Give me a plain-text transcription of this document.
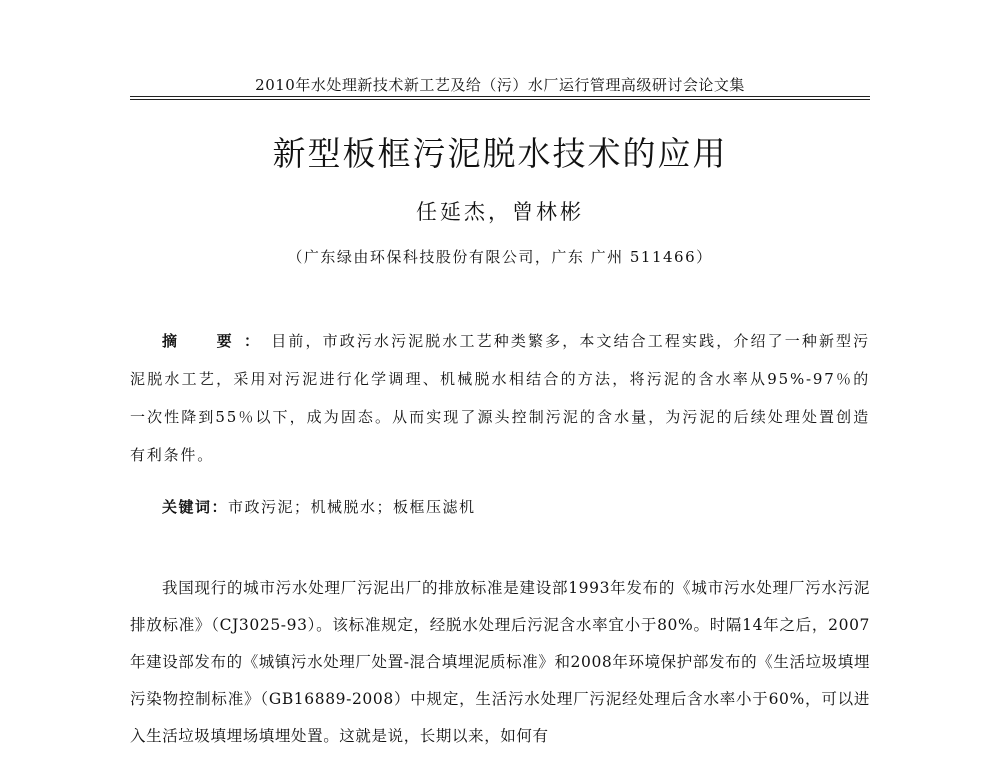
2010年水处理新技术新工艺及给（污）水厂运行管理高级研讨会论文集
新型板框污泥脱水技术的应用
任延杰，曾林彬
（广东绿由环保科技股份有限公司，广东 广州 511466）
摘　要：目前，市政污水污泥脱水工艺种类繁多，本文结合工程实践，介绍了一种新型污泥脱水工艺，采用对污泥进行化学调理、机械脱水相结合的方法，将污泥的含水率从95%-97％的一次性降到55％以下，成为固态。从而实现了源头控制污泥的含水量，为污泥的后续处理处置创造有利条件。
关键词：市政污泥；机械脱水；板框压滤机
我国现行的城市污水处理厂污泥出厂的排放标准是建设部1993年发布的《城市污水处理厂污水污泥排放标准》（CJ3025-93）。该标准规定，经脱水处理后污泥含水率宜小于80%。时隔14年之后，2007年建设部发布的《城镇污水处理厂处置-混合填埋泥质标准》和2008年环境保护部发布的《生活垃圾填埋污染物控制标准》（GB16889-2008）中规定，生活污水处理厂污泥经处理后含水率小于60%，可以进入生活垃圾填埋场填埋处置。这就是说，长期以来，如何有
